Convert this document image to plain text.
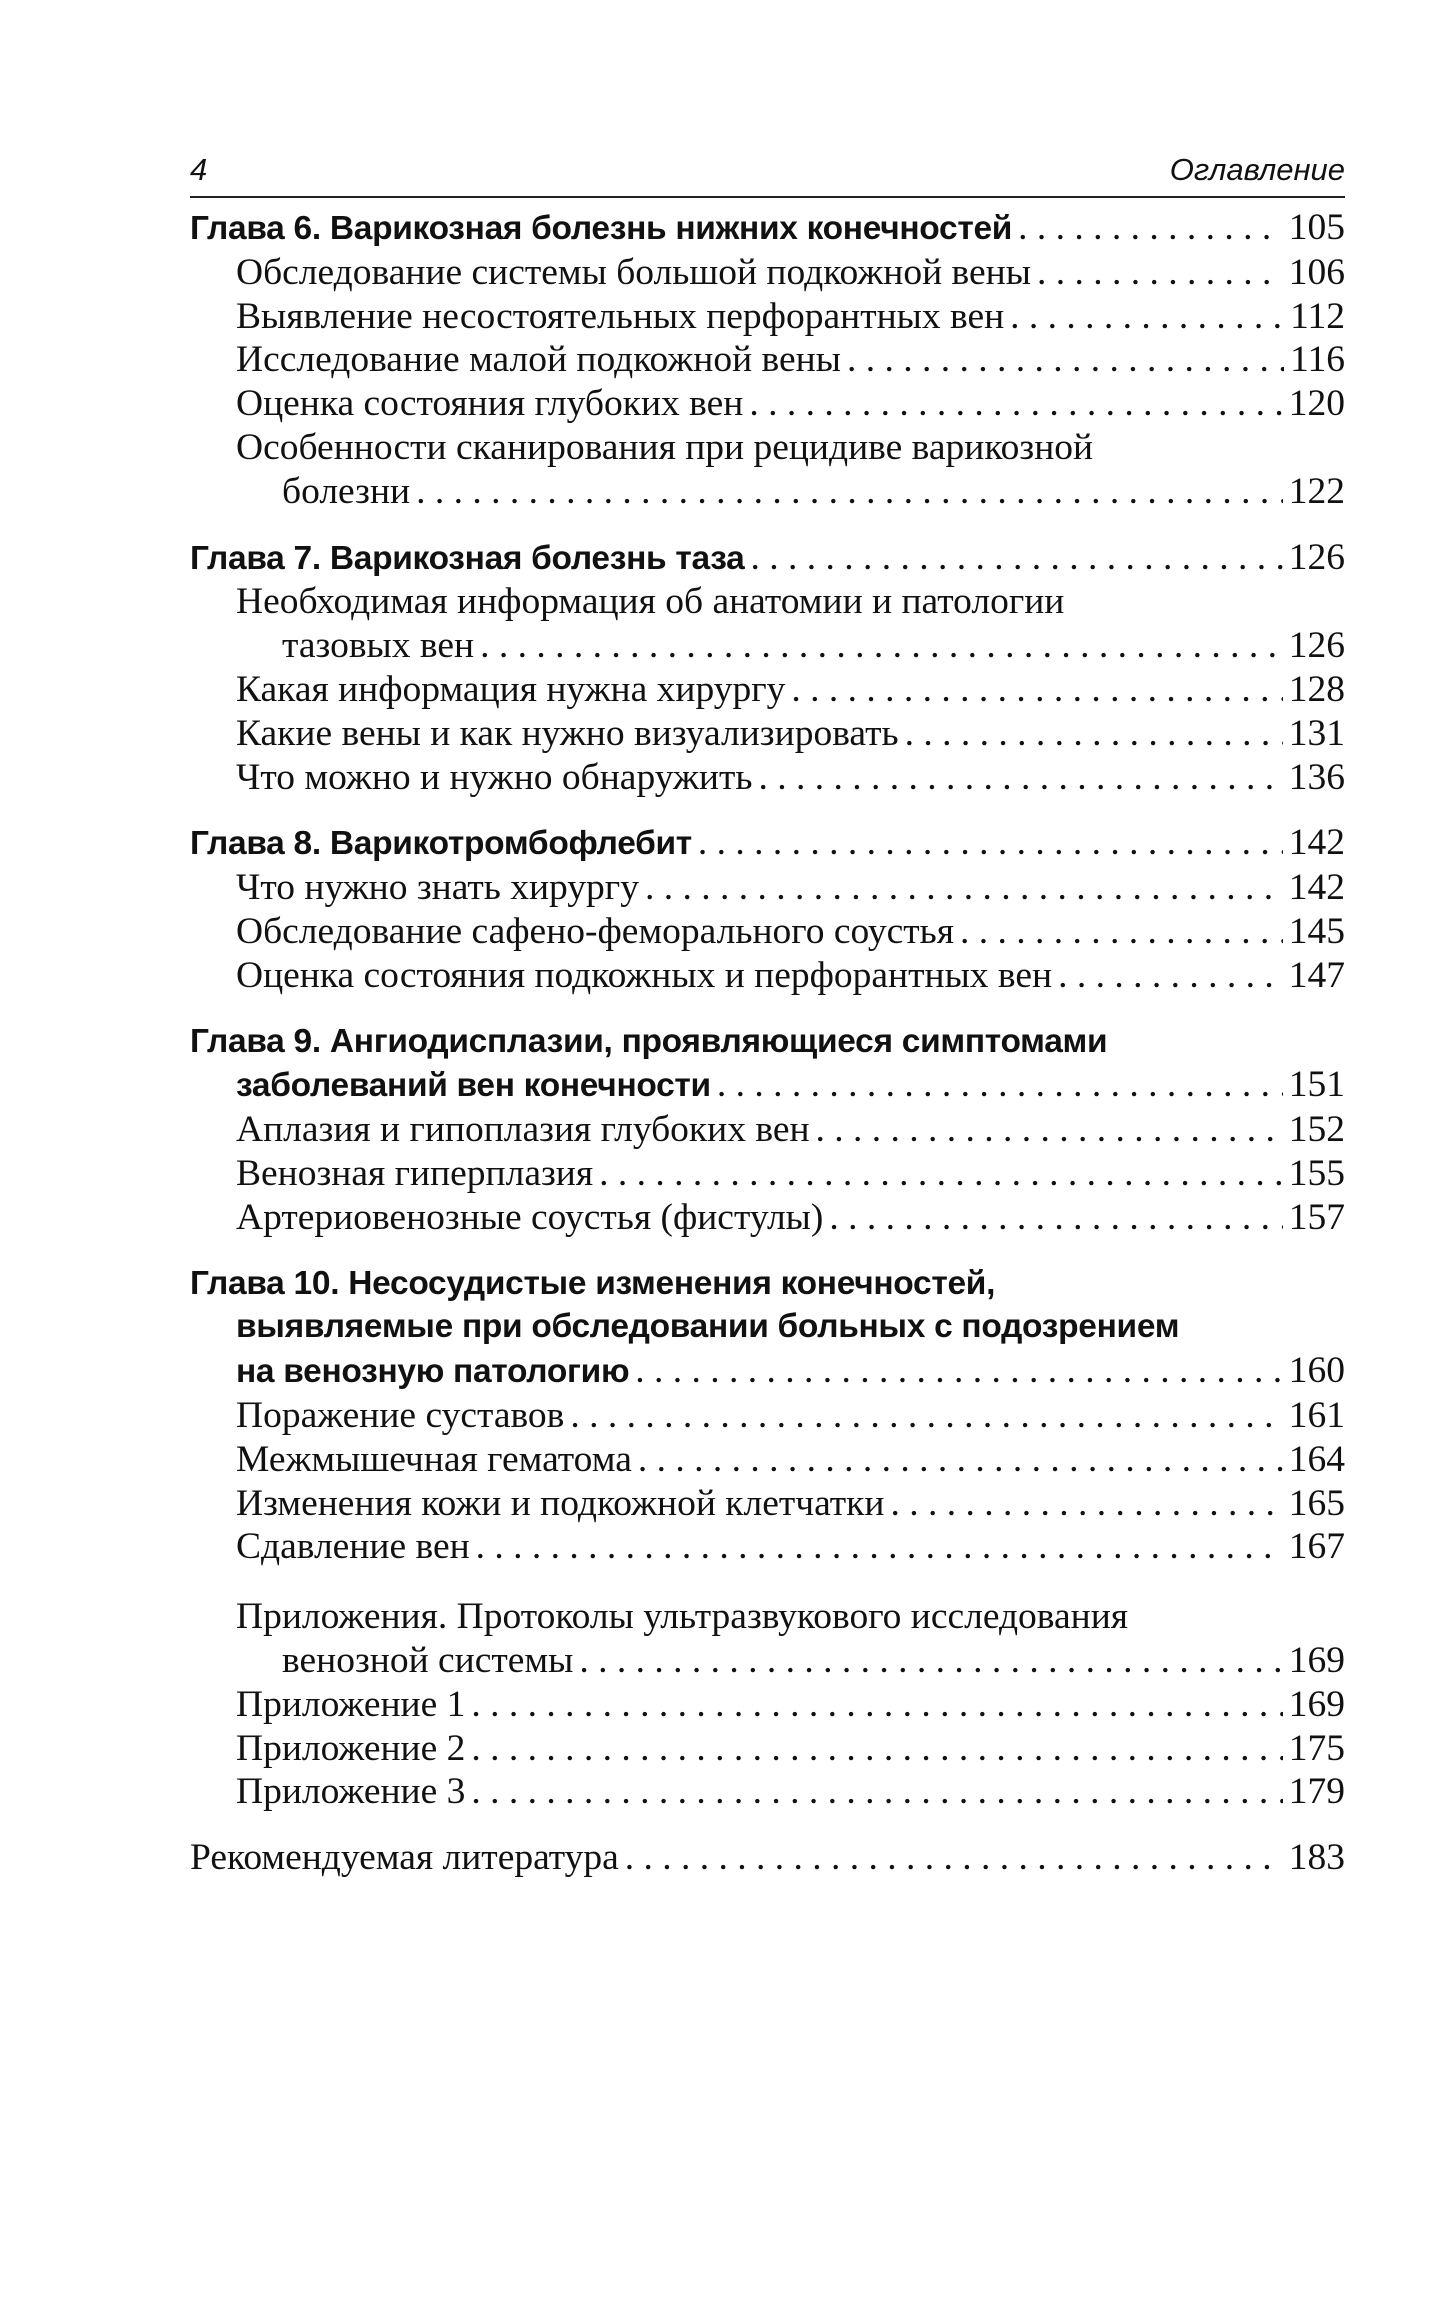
4	Оглавление
Глава 6. Варикозная болезнь нижних конечностей . . .	105
Обследование системы большой подкожной вены . . .	106
Выявление несостоятельных перфорантных вен . . .	112
Исследование малой подкожной вены . . .	116
Оценка состояния глубоких вен . . .	120
Особенности сканирования при рецидиве варикозной
болезни . . .	122
Глава 7. Варикозная болезнь таза . . .	126
Необходимая информация об анатомии и патологии
тазовых вен . . .	126
Какая информация нужна хирургу . . .	128
Какие вены и как нужно визуализировать . . .	131
Что можно и нужно обнаружить . . .	136
Глава 8. Варикотромбофлебит . . .	142
Что нужно знать хирургу . . .	142
Обследование сафено-феморального соустья . . .	145
Оценка состояния подкожных и перфорантных вен . . .	147
Глава 9. Ангиодисплазии, проявляющиеся симптомами
заболеваний вен конечности . . .	151
Аплазия и гипоплазия глубоких вен . . .	152
Венозная гиперплазия . . .	155
Артериовенозные соустья (фистулы) . . .	157
Глава 10. Несосудистые изменения конечностей,
выявляемые при обследовании больных с подозрением
на венозную патологию . . .	160
Поражение суставов . . .	161
Межмышечная гематома . . .	164
Изменения кожи и подкожной клетчатки . . .	165
Сдавление вен . . .	167
Приложения. Протоколы ультразвукового исследования
венозной системы . . .	169
Приложение 1 . . .	169
Приложение 2 . . .	175
Приложение 3 . . .	179
Рекомендуемая литература . . .	183
